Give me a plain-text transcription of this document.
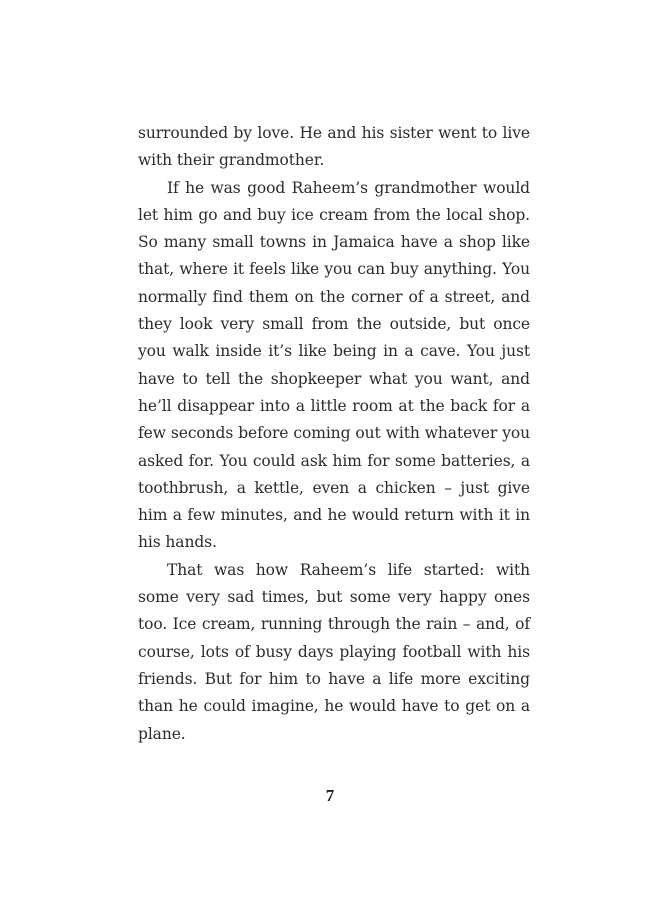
surrounded by love. He and his sister went to live with their grandmother.

If he was good Raheem’s grandmother would let him go and buy ice cream from the local shop. So many small towns in Jamaica have a shop like that, where it feels like you can buy anything. You normally find them on the corner of a street, and they look very small from the outside, but once you walk inside it’s like being in a cave. You just have to tell the shopkeeper what you want, and he’ll disappear into a little room at the back for a few seconds before coming out with whatever you asked for. You could ask him for some batteries, a toothbrush, a kettle, even a chicken – just give him a few minutes, and he would return with it in his hands.

That was how Raheem’s life started: with some very sad times, but some very happy ones too. Ice cream, running through the rain – and, of course, lots of busy days playing football with his friends. But for him to have a life more exciting than he could imagine, he would have to get on a plane.

7
